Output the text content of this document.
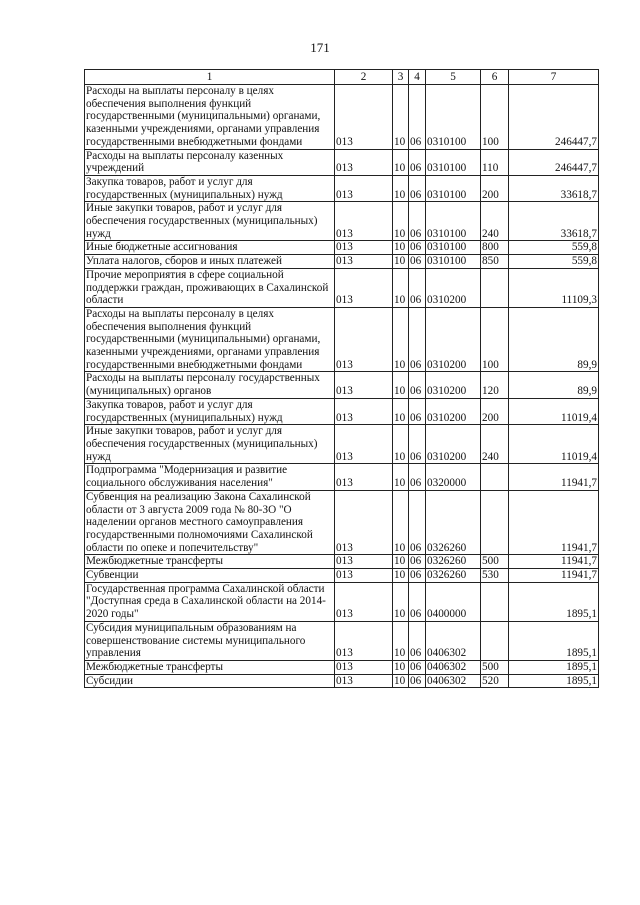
171
1	2	3	4	5	6	7
Расходы на выплаты персоналу в целях обеспечения выполнения функций государственными (муниципальными) органами, казенными учреждениями, органами управления государственными внебюджетными фондами	013	10	06	0310100	100	246447,7
Расходы на выплаты персоналу казенных учреждений	013	10	06	0310100	110	246447,7
Закупка товаров, работ и услуг для государственных (муниципальных) нужд	013	10	06	0310100	200	33618,7
Иные закупки товаров, работ и услуг для обеспечения государственных (муниципальных) нужд	013	10	06	0310100	240	33618,7
Иные бюджетные ассигнования	013	10	06	0310100	800	559,8
Уплата налогов, сборов и иных платежей	013	10	06	0310100	850	559,8
Прочие мероприятия в сфере социальной поддержки граждан, проживающих в Сахалинской области	013	10	06	0310200		11109,3
Расходы на выплаты персоналу в целях обеспечения выполнения функций государственными (муниципальными) органами, казенными учреждениями, органами управления государственными внебюджетными фондами	013	10	06	0310200	100	89,9
Расходы на выплаты персоналу государственных (муниципальных) органов	013	10	06	0310200	120	89,9
Закупка товаров, работ и услуг для государственных (муниципальных) нужд	013	10	06	0310200	200	11019,4
Иные закупки товаров, работ и услуг для обеспечения государственных (муниципальных) нужд	013	10	06	0310200	240	11019,4
Подпрограмма "Модернизация и развитие социального обслуживания населения"	013	10	06	0320000		11941,7
Субвенция на реализацию Закона Сахалинской области от 3 августа 2009 года № 80-ЗО "О наделении органов местного самоуправления государственными полномочиями Сахалинской области по опеке и попечительству"	013	10	06	0326260		11941,7
Межбюджетные трансферты	013	10	06	0326260	500	11941,7
Субвенции	013	10	06	0326260	530	11941,7
Государственная программа Сахалинской области "Доступная среда в Сахалинской области на 2014-2020 годы"	013	10	06	0400000		1895,1
Субсидия муниципальным образованиям на совершенствование системы муниципального управления	013	10	06	0406302		1895,1
Межбюджетные трансферты	013	10	06	0406302	500	1895,1
Субсидии	013	10	06	0406302	520	1895,1
